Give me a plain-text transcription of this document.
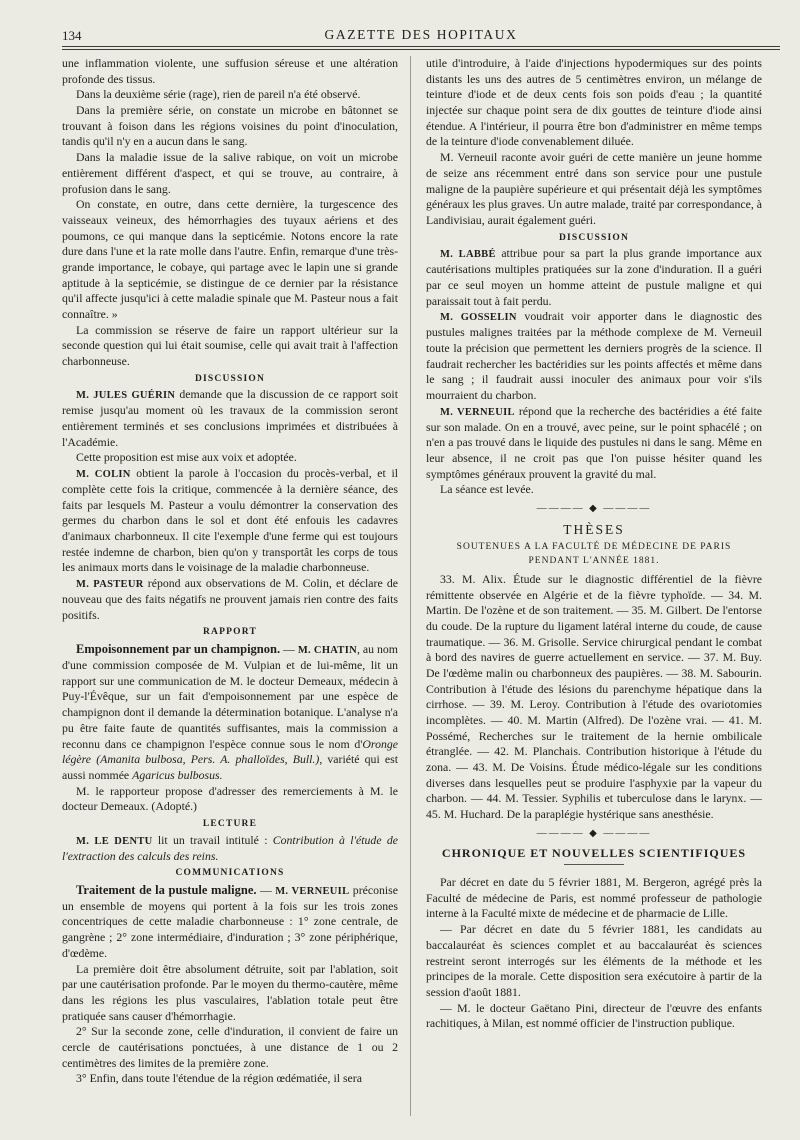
134	GAZETTE DES HOPITAUX

une inflammation violente, une suffusion séreuse et une altération profonde des tissus.

Dans la deuxième série (rage), rien de pareil n'a été observé.

Dans la première série, on constate un microbe en bâtonnet se trouvant à foison dans les régions voisines du point d'inoculation, tandis qu'il n'y en a aucun dans le sang.

Dans la maladie issue de la salive rabique, on voit un microbe entièrement différent d'aspect, et qui se trouve, au contraire, à profusion dans le sang.

On constate, en outre, dans cette dernière, la turgescence des vaisseaux veineux, des hémorrhagies des tuyaux aériens et des poumons, ce qui manque dans la septicémie. Notons encore la rate dure dans l'une et la rate molle dans l'autre. Enfin, remarque d'une très-grande importance, le cobaye, qui partage avec le lapin une si grande aptitude à la septicémie, se distingue de ce dernier par la résistance qu'il affecte jusqu'ici à cette maladie spinale que M. Pasteur nous a fait connaître. »

La commission se réserve de faire un rapport ultérieur sur la seconde question qui lui était soumise, celle qui avait trait à l'affection charbonneuse.

DISCUSSION

M. JULES GUÉRIN demande que la discussion de ce rapport soit remise jusqu'au moment où les travaux de la commission seront entièrement terminés et ses conclusions imprimées et distribuées à l'Académie.

Cette proposition est mise aux voix et adoptée.

M. COLIN obtient la parole à l'occasion du procès-verbal, et il complète cette fois la critique, commencée à la dernière séance, des faits par lesquels M. Pasteur a voulu démontrer la conservation des germes du charbon dans le sol et dont été enfouis les cadavres d'animaux charbonneux. Il cite l'exemple d'une ferme qui est toujours restée indemne de charbon, bien qu'on y transportât les corps de tous les animaux morts dans le voisinage de la maladie charbonneuse.

M. PASTEUR répond aux observations de M. Colin, et déclare de nouveau que des faits négatifs ne prouvent jamais rien contre des faits positifs.

RAPPORT

Empoisonnement par un champignon. — M. CHATIN, au nom d'une commission composée de M. Vulpian et de lui-même, lit un rapport sur une communication de M. le docteur Demeaux, médecin à Puy-l'Évêque, sur un fait d'empoisonnement par une espèce de champignon dont il demande la détermination botanique. L'analyse n'a pu être faite faute de quantités suffisantes, mais la commission a reconnu dans ce champignon l'espèce connue sous le nom d'Oronge légère (Amanita bulbosa, Pers. A. phalloïdes, Bull.), variété qui est aussi nommée Agaricus bulbosus.

M. le rapporteur propose d'adresser des remerciements à M. le docteur Demeaux. (Adopté.)

LECTURE

M. LE DENTU lit un travail intitulé : Contribution à l'étude de l'extraction des calculs des reins.

COMMUNICATIONS

Traitement de la pustule maligne. — M. VERNEUIL préconise un ensemble de moyens qui portent à la fois sur les trois zones concentriques de cette maladie charbonneuse : 1° zone centrale, de gangrène ; 2° zone intermédiaire, d'induration ; 3° zone périphérique, d'œdème.

La première doit être absolument détruite, soit par l'ablation, soit par une cautérisation profonde. Par le moyen du thermo-cautère, même dans les régions les plus vasculaires, l'ablation totale peut être pratiquée sans causer d'hémorrhagie.

2° Sur la seconde zone, celle d'induration, il convient de faire un cercle de cautérisations ponctuées, à une distance de 1 ou 2 centimètres des limites de la première zone.

3° Enfin, dans toute l'étendue de la région œdématiée, il sera

utile d'introduire, à l'aide d'injections hypodermiques sur des points distants les uns des autres de 5 centimètres environ, un mélange de teinture d'iode et de deux cents fois son poids d'eau ; la quantité injectée sur chaque point sera de dix gouttes de teinture d'iode ainsi étendue. A l'intérieur, il pourra être bon d'administrer en même temps de la teinture d'iode convenablement diluée.

M. Verneuil raconte avoir guéri de cette manière un jeune homme de seize ans récemment entré dans son service pour une pustule maligne de la paupière supérieure et qui présentait déjà les symptômes généraux les plus graves. Un autre malade, traité par correspondance, à Landivisiau, aurait également guéri.

DISCUSSION

M. LABBÉ attribue pour sa part la plus grande importance aux cautérisations multiples pratiquées sur la zone d'induration. Il a guéri par ce seul moyen un homme atteint de pustule maligne et qui paraissait tout à fait perdu.

M. GOSSELIN voudrait voir apporter dans le diagnostic des pustules malignes traitées par la méthode complexe de M. Verneuil toute la précision que permettent les derniers progrès de la science. Il faudrait rechercher les bactéridies sur les points affectés et même dans le sang ; il faudrait aussi inoculer des animaux pour voir s'ils mourraient du charbon.

M. VERNEUIL répond que la recherche des bactéridies a été faite sur son malade. On en a trouvé, avec peine, sur le point sphacélé ; on n'en a pas trouvé dans le liquide des pustules ni dans le sang. Même en leur absence, il ne croit pas que l'on puisse hésiter quand les symptômes généraux prouvent la gravité du mal.

La séance est levée.

———— ◆ ————
THÈSES
SOUTENUES A LA FACULTÉ DE MÉDECINE DE PARIS
PENDANT L'ANNÉE 1881.

33. M. Alix. Étude sur le diagnostic différentiel de la fièvre rémittente observée en Algérie et de la fièvre typhoïde. — 34. M. Martin. De l'ozène et de son traitement. — 35. M. Gilbert. De l'entorse du coude. De la rupture du ligament latéral interne du coude, de cause traumatique. — 36. M. Grisolle. Service chirurgical pendant le combat à bord des navires de guerre actuellement en service. — 37. M. Buy. De l'œdème malin ou charbonneux des paupières. — 38. M. Sabourin. Contribution à l'étude des lésions du parenchyme hépatique dans la cirrhose. — 39. M. Leroy. Contribution à l'étude des ovariotomies incomplètes. — 40. M. Martin (Alfred). De l'ozène vrai. — 41. M. Possémé, Recherches sur le traitement de la hernie ombilicale étranglée. — 42. M. Planchais. Contribution historique à l'étude du zona. — 43. M. De Voisins. Étude médico-légale sur les conditions diverses dans lesquelles peut se produire l'asphyxie par la vapeur du charbon. — 44. M. Tessier. Syphilis et tuberculose dans le larynx. — 45. M. Huchard. De la paraplégie hystérique sans anesthésie.

———— ◆ ————
CHRONIQUE ET NOUVELLES SCIENTIFIQUES

Par décret en date du 5 février 1881, M. Bergeron, agrégé près la Faculté de médecine de Paris, est nommé professeur de pathologie interne à la Faculté mixte de médecine et de pharmacie de Lille.

— Par décret en date du 5 février 1881, les candidats au baccalauréat ès sciences complet et au baccalauréat ès sciences restreint seront interrogés sur les éléments de la méthode et les principes de la morale. Cette disposition sera exécutoire à partir de la session d'août 1881.

— M. le docteur Gaëtano Pini, directeur de l'œuvre des enfants rachitiques, à Milan, est nommé officier de l'instruction publique.
